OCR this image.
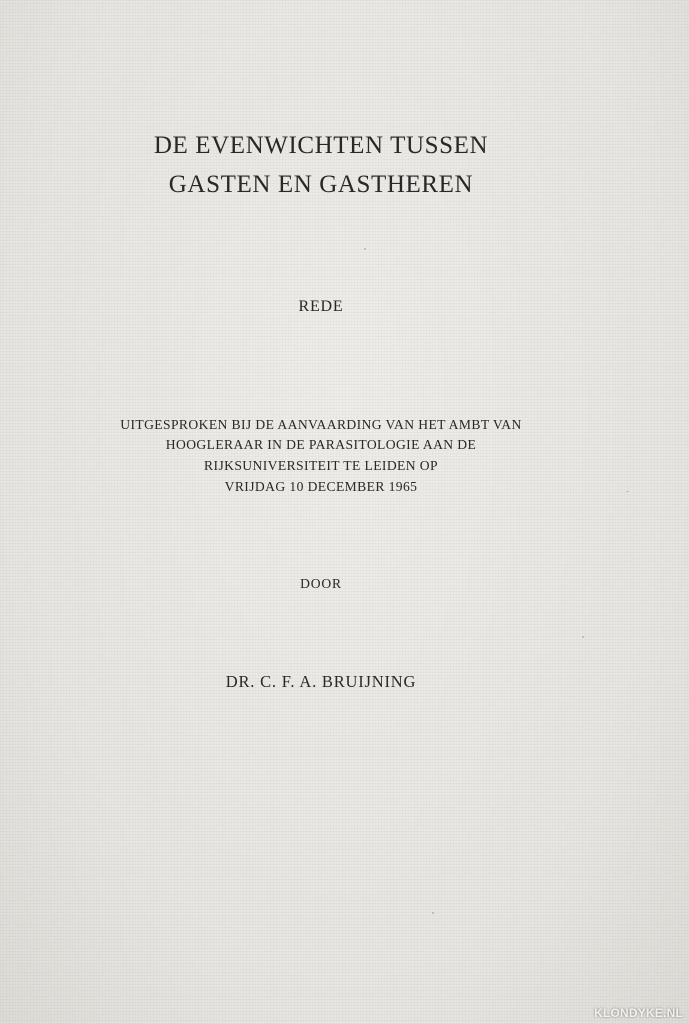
DE EVENWICHTEN TUSSEN
GASTEN EN GASTHEREN
REDE
UITGESPROKEN BIJ DE AANVAARDING VAN HET AMBT VAN
HOOGLERAAR IN DE PARASITOLOGIE AAN DE
RIJKSUNIVERSITEIT TE LEIDEN OP
VRIJDAG 10 DECEMBER 1965
DOOR
DR. C. F. A. BRUIJNING
KLONDYKE.NL
